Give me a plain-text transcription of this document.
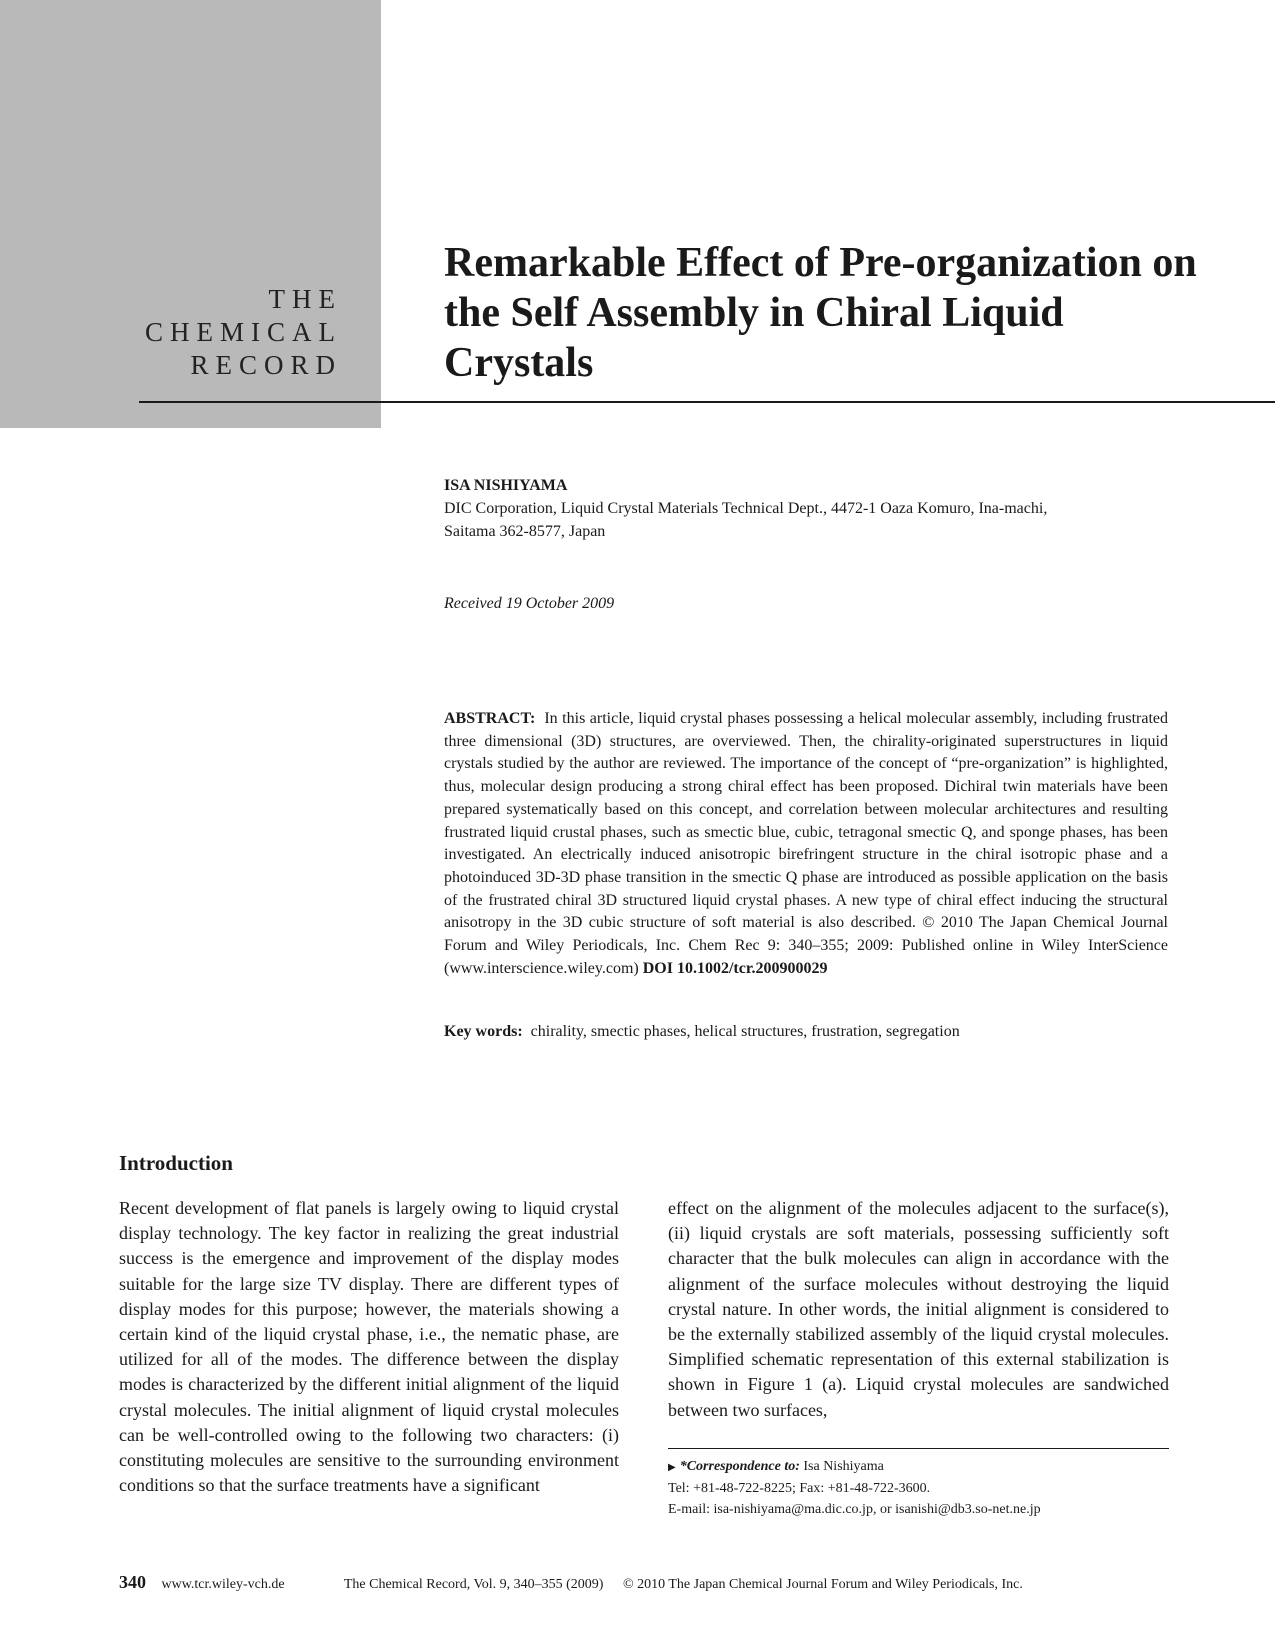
THE
CHEMICAL
RECORD
Remarkable Effect of Pre-organization on the Self Assembly in Chiral Liquid Crystals
ISA NISHIYAMA
DIC Corporation, Liquid Crystal Materials Technical Dept., 4472-1 Oaza Komuro, Ina-machi,
Saitama 362-8577, Japan
Received 19 October 2009

ABSTRACT: In this article, liquid crystal phases possessing a helical molecular assembly, including frustrated three dimensional (3D) structures, are overviewed. Then, the chirality-originated superstructures in liquid crystals studied by the author are reviewed. The importance of the concept of “pre-organization” is highlighted, thus, molecular design producing a strong chiral effect has been proposed. Dichiral twin materials have been prepared systematically based on this concept, and correlation between molecular architectures and resulting frustrated liquid crustal phases, such as smectic blue, cubic, tetragonal smectic Q, and sponge phases, has been investigated. An electrically induced anisotropic birefringent structure in the chiral isotropic phase and a photoinduced 3D-3D phase transition in the smectic Q phase are introduced as possible application on the basis of the frustrated chiral 3D structured liquid crystal phases. A new type of chiral effect inducing the structural anisotropy in the 3D cubic structure of soft material is also described. © 2010 The Japan Chemical Journal Forum and Wiley Periodicals, Inc. Chem Rec 9: 340–355; 2009: Published online in Wiley InterScience (www.interscience.wiley.com) DOI 10.1002/tcr.200900029

Key words: chirality, smectic phases, helical structures, frustration, segregation
Introduction

Recent development of flat panels is largely owing to liquid crystal display technology. The key factor in realizing the great industrial success is the emergence and improvement of the display modes suitable for the large size TV display. There are different types of display modes for this purpose; however, the materials showing a certain kind of the liquid crystal phase, i.e., the nematic phase, are utilized for all of the modes. The difference between the display modes is characterized by the different initial alignment of the liquid crystal molecules. The initial alignment of liquid crystal molecules can be well-controlled owing to the following two characters: (i) constituting molecules are sensitive to the surrounding environment conditions so that the surface treatments have a significant

effect on the alignment of the molecules adjacent to the surface(s), (ii) liquid crystals are soft materials, possessing sufficiently soft character that the bulk molecules can align in accordance with the alignment of the surface molecules without destroying the liquid crystal nature. In other words, the initial alignment is considered to be the externally stabilized assembly of the liquid crystal molecules. Simplified schematic representation of this external stabilization is shown in Figure 1 (a). Liquid crystal molecules are sandwiched between two surfaces,

▶ *Correspondence to: Isa Nishiyama
Tel: +81-48-722-8225; Fax: +81-48-722-3600.
E-mail: isa-nishiyama@ma.dic.co.jp, or isanishi@db3.so-net.ne.jp
340 www.tcr.wiley-vch.de	The Chemical Record, Vol. 9, 340–355 (2009) © 2010 The Japan Chemical Journal Forum and Wiley Periodicals, Inc.
